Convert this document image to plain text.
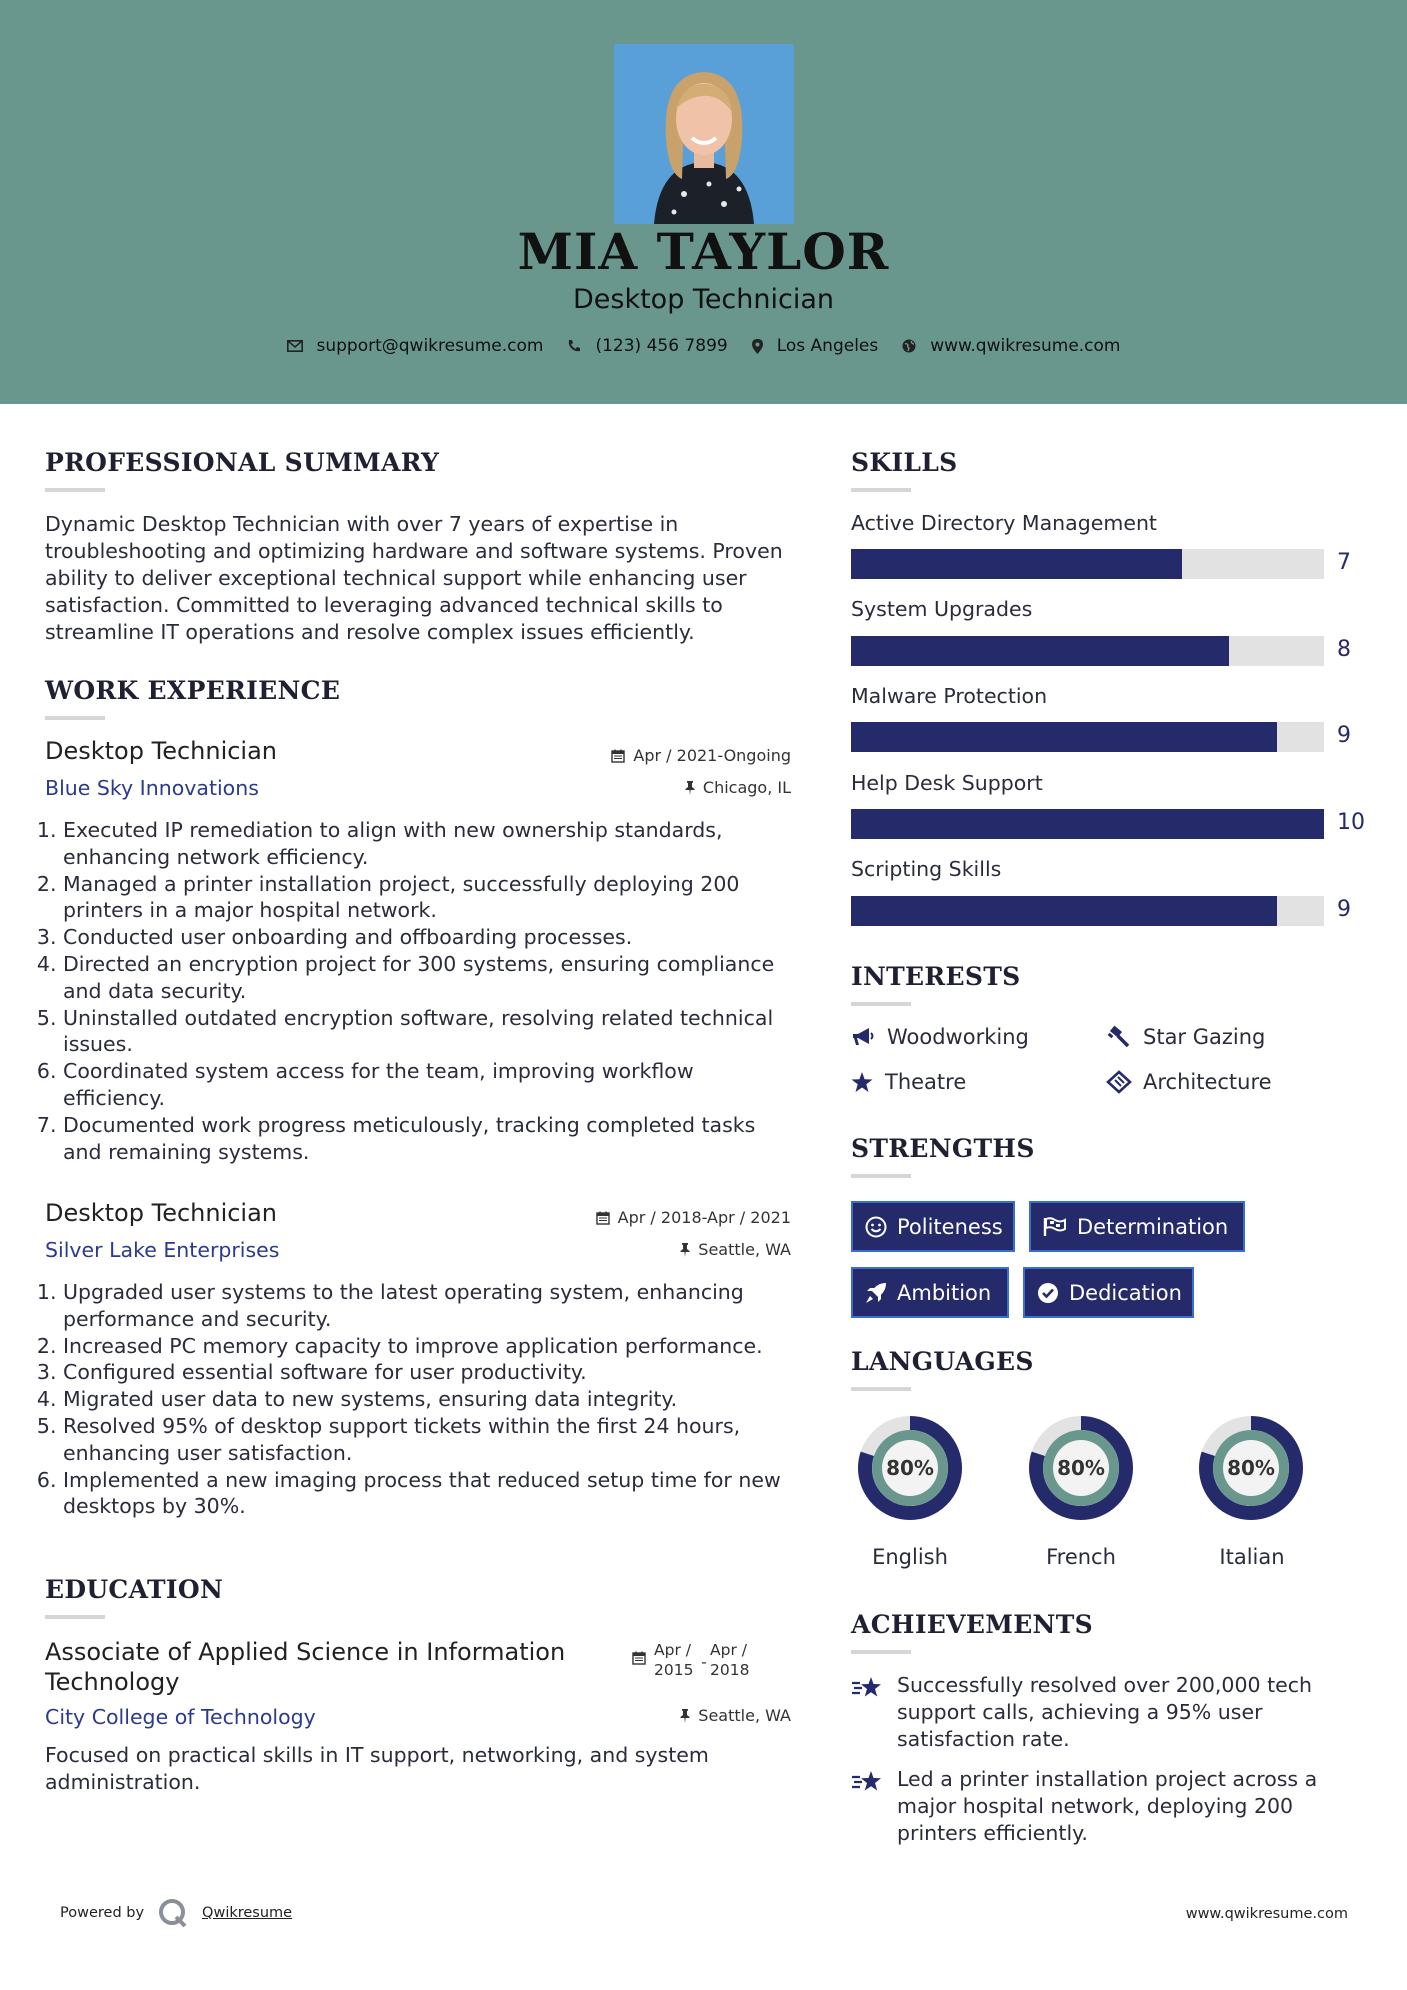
MIA TAYLOR
Desktop Technician
support@qwikresume.com	(123) 456 7899	Los Angeles	www.qwikresume.com
PROFESSIONAL SUMMARY
Dynamic Desktop Technician with over 7 years of expertise in troubleshooting and optimizing hardware and software systems. Proven ability to deliver exceptional technical support while enhancing user satisfaction. Committed to leveraging advanced technical skills to streamline IT operations and resolve complex issues efficiently.
WORK EXPERIENCE
Desktop Technician	Apr / 2021-Ongoing
Blue Sky Innovations	Chicago, IL
1. Executed IP remediation to align with new ownership standards, enhancing network efficiency.
2. Managed a printer installation project, successfully deploying 200 printers in a major hospital network.
3. Conducted user onboarding and offboarding processes.
4. Directed an encryption project for 300 systems, ensuring compliance and data security.
5. Uninstalled outdated encryption software, resolving related technical issues.
6. Coordinated system access for the team, improving workflow efficiency.
7. Documented work progress meticulously, tracking completed tasks and remaining systems.
Desktop Technician	Apr / 2018-Apr / 2021
Silver Lake Enterprises	Seattle, WA
1. Upgraded user systems to the latest operating system, enhancing performance and security.
2. Increased PC memory capacity to improve application performance.
3. Configured essential software for user productivity.
4. Migrated user data to new systems, ensuring data integrity.
5. Resolved 95% of desktop support tickets within the first 24 hours, enhancing user satisfaction.
6. Implemented a new imaging process that reduced setup time for new desktops by 30%.
EDUCATION
Associate of Applied Science in Information Technology
Apr / 2015 -
Apr / 2018
City College of Technology	Seattle, WA
Focused on practical skills in IT support, networking, and system administration.
SKILLS
Active Directory Management
7
System Upgrades
8
Malware Protection
9
Help Desk Support
10
Scripting Skills
9
INTERESTS
Woodworking	Star Gazing
Theatre	Architecture
STRENGTHS
Politeness	Determination
Ambition	Dedication
LANGUAGES
80%	80%	80%
English	French	Italian
ACHIEVEMENTS
Successfully resolved over 200,000 tech support calls, achieving a 95% user satisfaction rate.
Led a printer installation project across a major hospital network, deploying 200 printers efficiently.
Powered by	Qwikresume	www.qwikresume.com
